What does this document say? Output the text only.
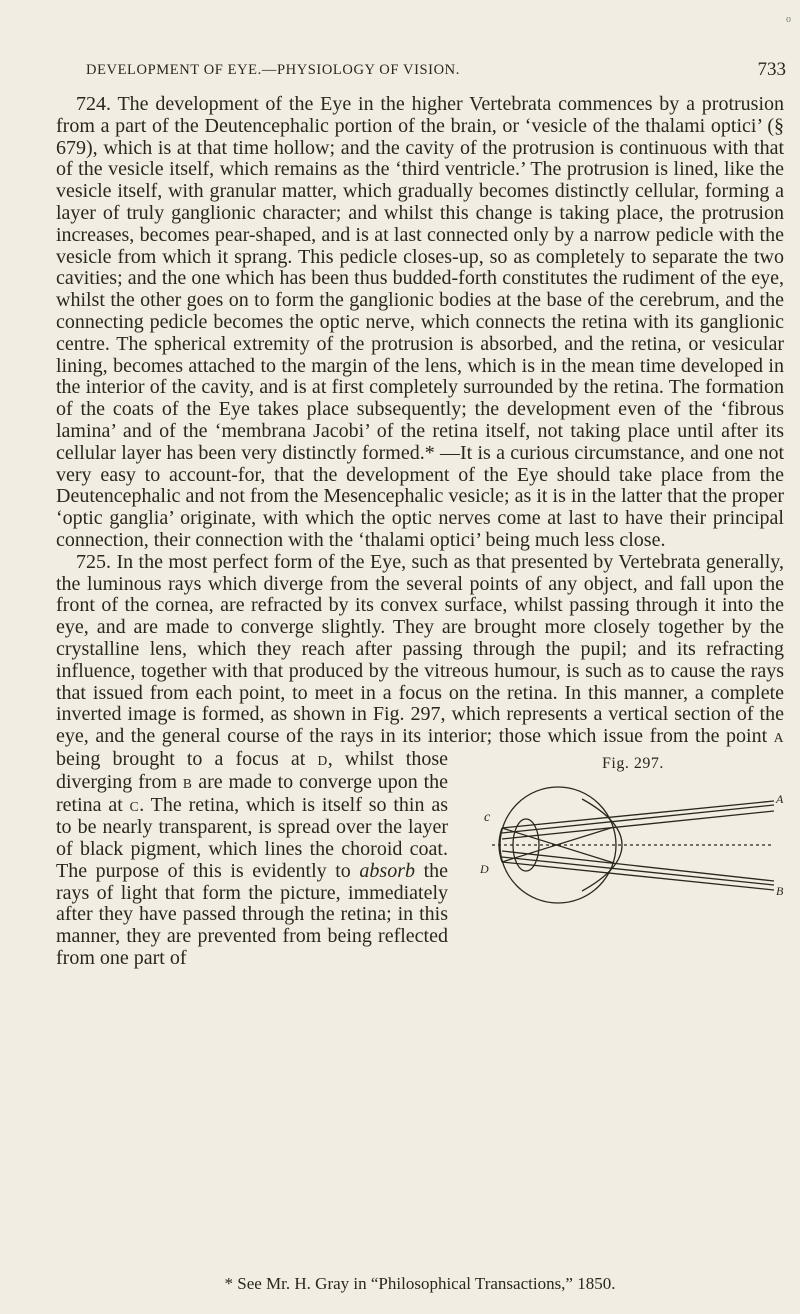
o
DEVELOPMENT OF EYE.—PHYSIOLOGY OF VISION.	733

724. The development of the Eye in the higher Vertebrata commences by a protrusion from a part of the Deutencephalic portion of the brain, or ‘vesicle of the thalami optici’ (§ 679), which is at that time hollow; and the cavity of the protrusion is continuous with that of the vesicle itself, which remains as the ‘third ventricle.’ The protrusion is lined, like the vesicle itself, with granular matter, which gradually becomes distinctly cellular, forming a layer of truly ganglionic character; and whilst this change is taking place, the protrusion increases, becomes pear-shaped, and is at last connected only by a narrow pedicle with the vesicle from which it sprang. This pedicle closes-up, so as completely to separate the two cavities; and the one which has been thus budded-forth constitutes the rudiment of the eye, whilst the other goes on to form the ganglionic bodies at the base of the cerebrum, and the connecting pedicle becomes the optic nerve, which connects the retina with its ganglionic centre. The spherical extremity of the protrusion is absorbed, and the retina, or vesicular lining, becomes attached to the margin of the lens, which is in the mean time developed in the interior of the cavity, and is at first completely surrounded by the retina. The formation of the coats of the Eye takes place subsequently; the development even of the ‘fibrous lamina’ and of the ‘membrana Jacobi’ of the retina itself, not taking place until after its cellular layer has been very distinctly formed.* —It is a curious circumstance, and one not very easy to account-for, that the development of the Eye should take place from the Deutencephalic and not from the Mesencephalic vesicle; as it is in the latter that the proper ‘optic ganglia’ originate, with which the optic nerves come at last to have their principal connection, their connection with the ‘thalami optici’ being much less close.

725. In the most perfect form of the Eye, such as that presented by Vertebrata generally, the luminous rays which diverge from the several points of any object, and fall upon the front of the cornea, are refracted by its convex surface, whilst passing through it into the eye, and are made to converge slightly. They are brought more closely together by the crystalline lens, which they reach after passing through the pupil; and its refracting influence, together with that produced by the vitreous humour, is such as to cause the rays that issued from each point, to meet in a focus on the retina. In this manner, a complete inverted image is formed, as shown in Fig. 297, which represents a vertical section of the eye, and the general course of the rays in its interior; those which issue from the point
Fig. 297.
c
D
A
B
A being brought to a focus at D, whilst those diverging from B are made to converge upon the retina at C. The retina, which is itself so thin as to be nearly transparent, is spread over the layer of black pigment, which lines the choroid coat. The purpose of this is evidently to absorb the rays of light that form the picture, immediately after they have passed through the retina; in this manner, they are prevented from being reflected from one part of

* See Mr. H. Gray in “Philosophical Transactions,” 1850.
